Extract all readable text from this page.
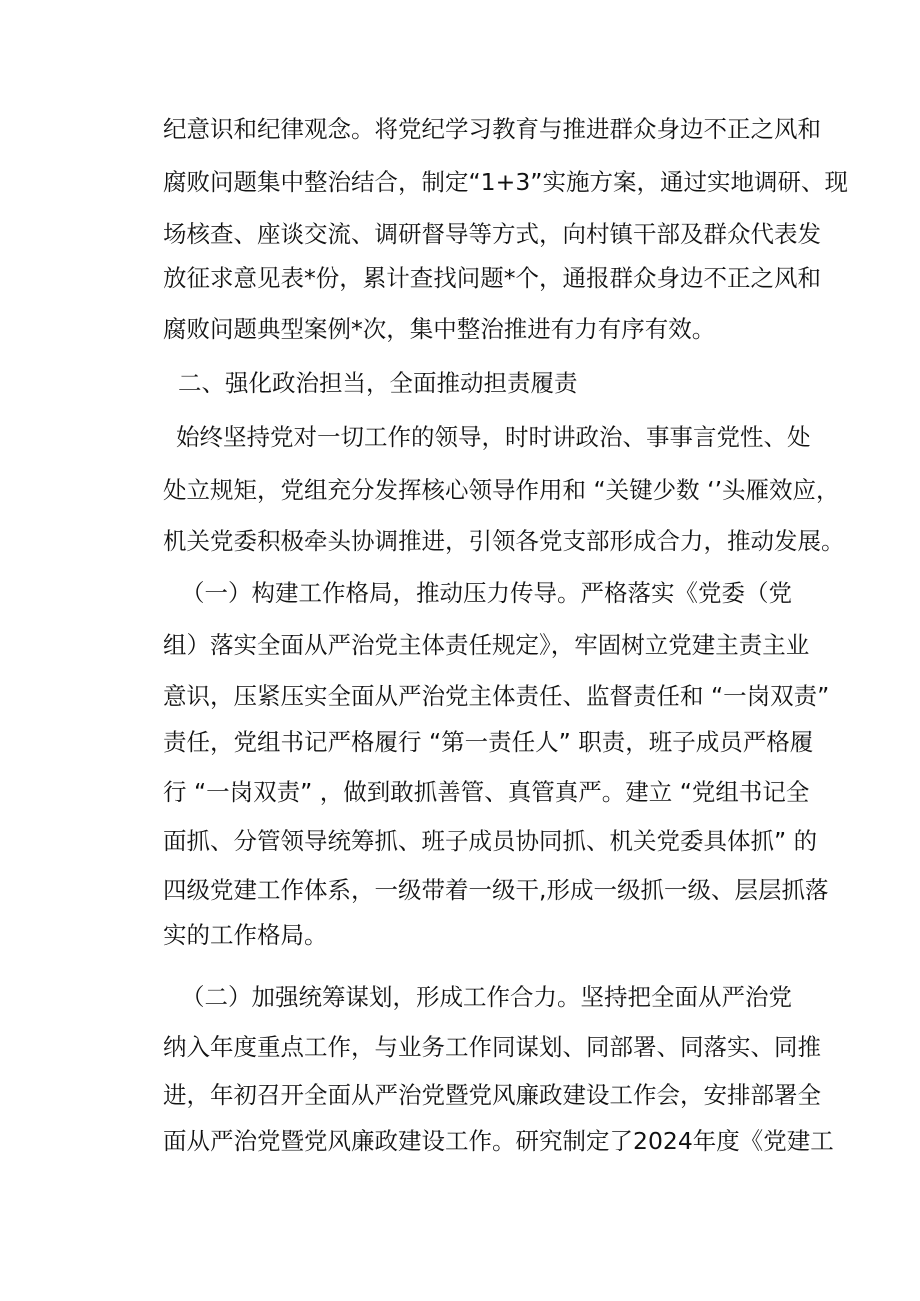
纪意识和纪律观念。将党纪学习教育与推进群众身边不正之风和
腐败问题集中整治结合，制定“1+3”实施方案，通过实地调研、现
场核查、座谈交流、调研督导等方式，向村镇干部及群众代表发
放征求意见表*份，累计查找问题*个，通报群众身边不正之风和
腐败问题典型案例*次，集中整治推进有力有序有效。
二、强化政治担当，全面推动担责履责
始终坚持党对一切工作的领导，时时讲政治、事事言党性、处
处立规矩，党组充分发挥核心领导作用和 “关键少数 ‘’头雁效应，
机关党委积极牵头协调推进，引领各党支部形成合力，推动发展。
（一）构建工作格局，推动压力传导。严格落实《党委（党
组）落实全面从严治党主体责任规定》，牢固树立党建主责主业
意识，压紧压实全面从严治党主体责任、监督责任和 “一岗双责”
责任，党组书记严格履行 “第一责任人” 职责，班子成员严格履
行 “一岗双责” ，做到敢抓善管、真管真严。建立 “党组书记全
面抓、分管领导统筹抓、班子成员协同抓、机关党委具体抓” 的
四级党建工作体系，一级带着一级干,形成一级抓一级、层层抓落
实的工作格局。
（二）加强统筹谋划，形成工作合力。坚持把全面从严治党
纳入年度重点工作，与业务工作同谋划、同部署、同落实、同推
进，年初召开全面从严治党暨党风廉政建设工作会，安排部署全
面从严治党暨党风廉政建设工作。研究制定了2024年度《党建工
